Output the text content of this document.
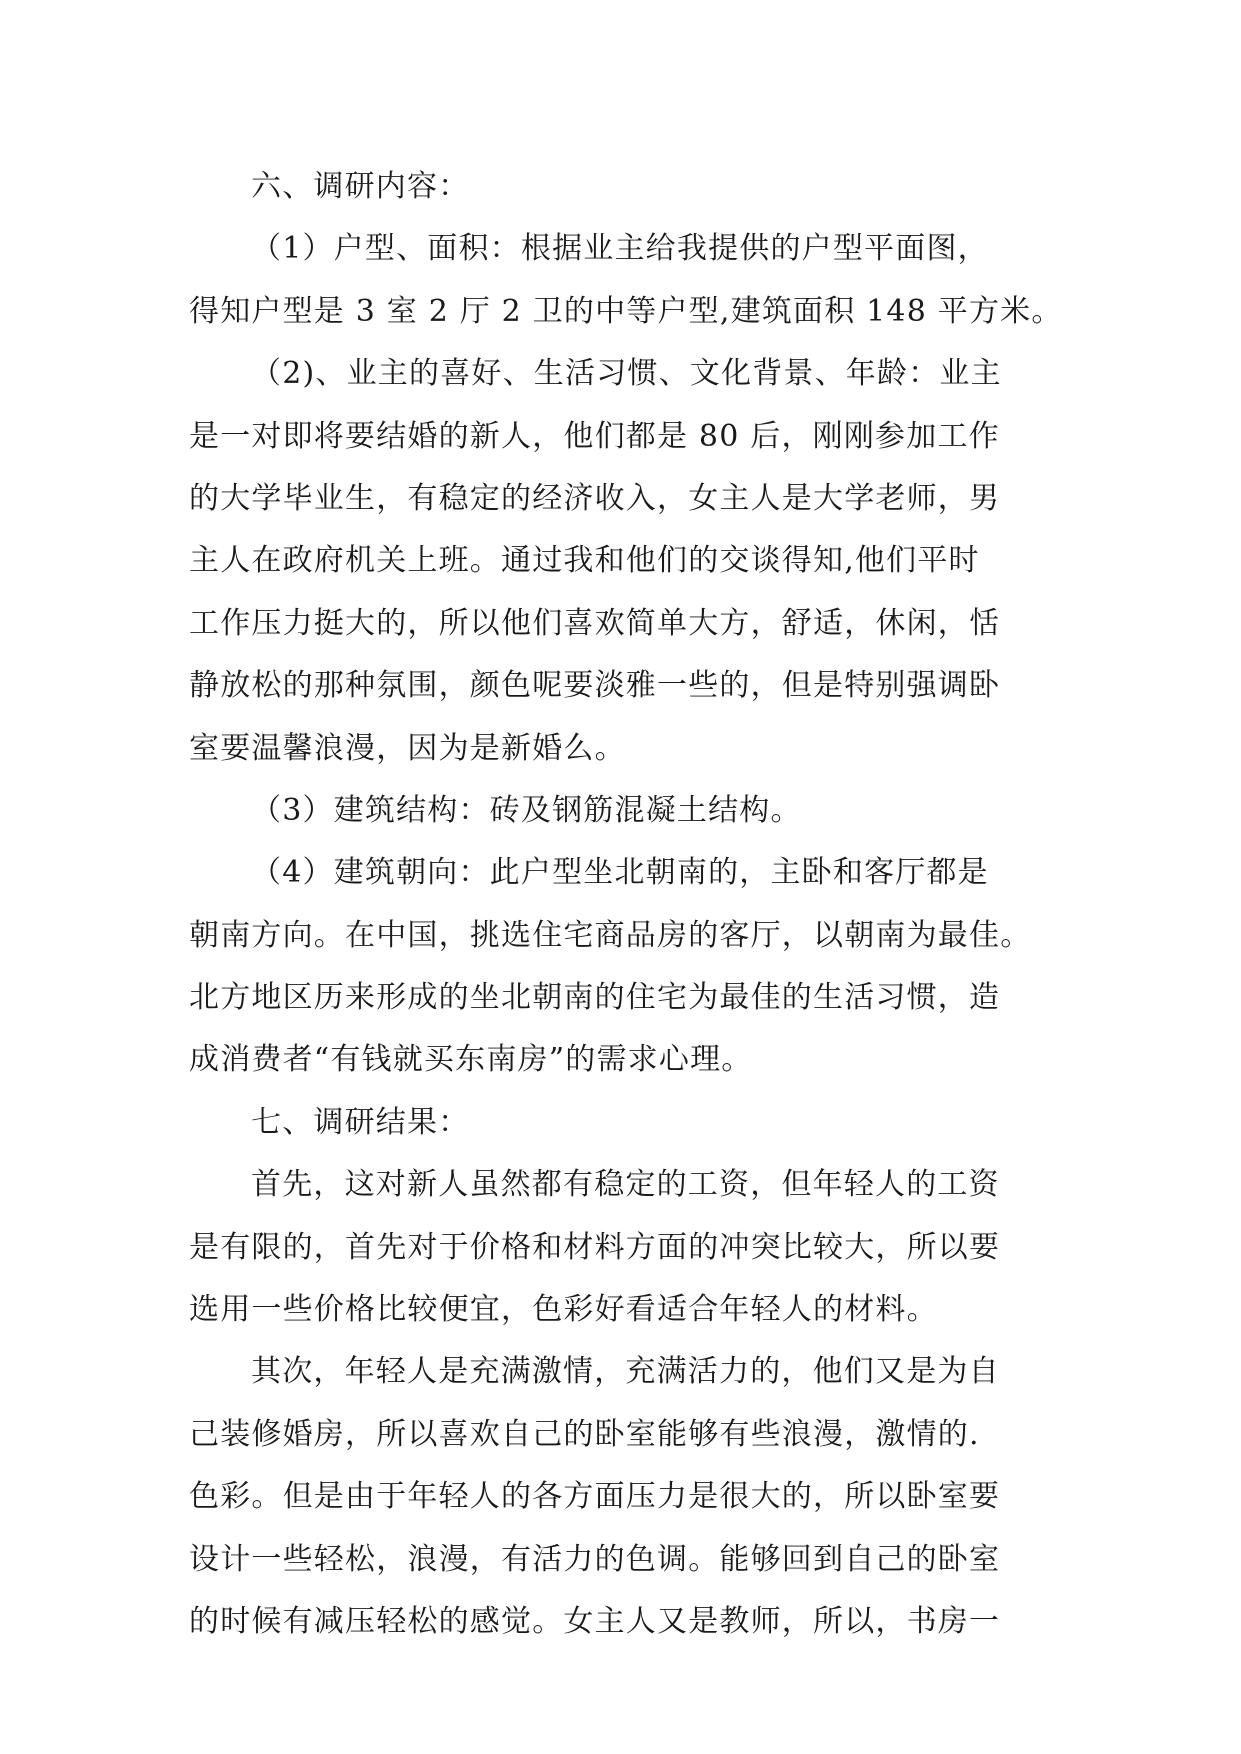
六、调研内容：
（1）户型、面积：根据业主给我提供的户型平面图，
得知户型是 3 室 2 厅 2 卫的中等户型,建筑面积 148 平方米。
（2)、业主的喜好、生活习惯、文化背景、年龄：业主
是一对即将要结婚的新人，他们都是 80 后，刚刚参加工作
的大学毕业生，有稳定的经济收入，女主人是大学老师，男
主人在政府机关上班。通过我和他们的交谈得知,他们平时
工作压力挺大的，所以他们喜欢简单大方，舒适，休闲，恬
静放松的那种氛围，颜色呢要淡雅一些的，但是特别强调卧
室要温馨浪漫，因为是新婚么。
（3）建筑结构：砖及钢筋混凝土结构。
（4）建筑朝向：此户型坐北朝南的，主卧和客厅都是
朝南方向。在中国，挑选住宅商品房的客厅，以朝南为最佳。
北方地区历来形成的坐北朝南的住宅为最佳的生活习惯，造
成消费者“有钱就买东南房”的需求心理。
七、调研结果：
首先，这对新人虽然都有稳定的工资，但年轻人的工资
是有限的，首先对于价格和材料方面的冲突比较大，所以要
选用一些价格比较便宜，色彩好看适合年轻人的材料。
其次，年轻人是充满激情，充满活力的，他们又是为自
己装修婚房，所以喜欢自己的卧室能够有些浪漫，激情的.
色彩。但是由于年轻人的各方面压力是很大的，所以卧室要
设计一些轻松，浪漫，有活力的色调。能够回到自己的卧室
的时候有减压轻松的感觉。女主人又是教师，所以，书房一
